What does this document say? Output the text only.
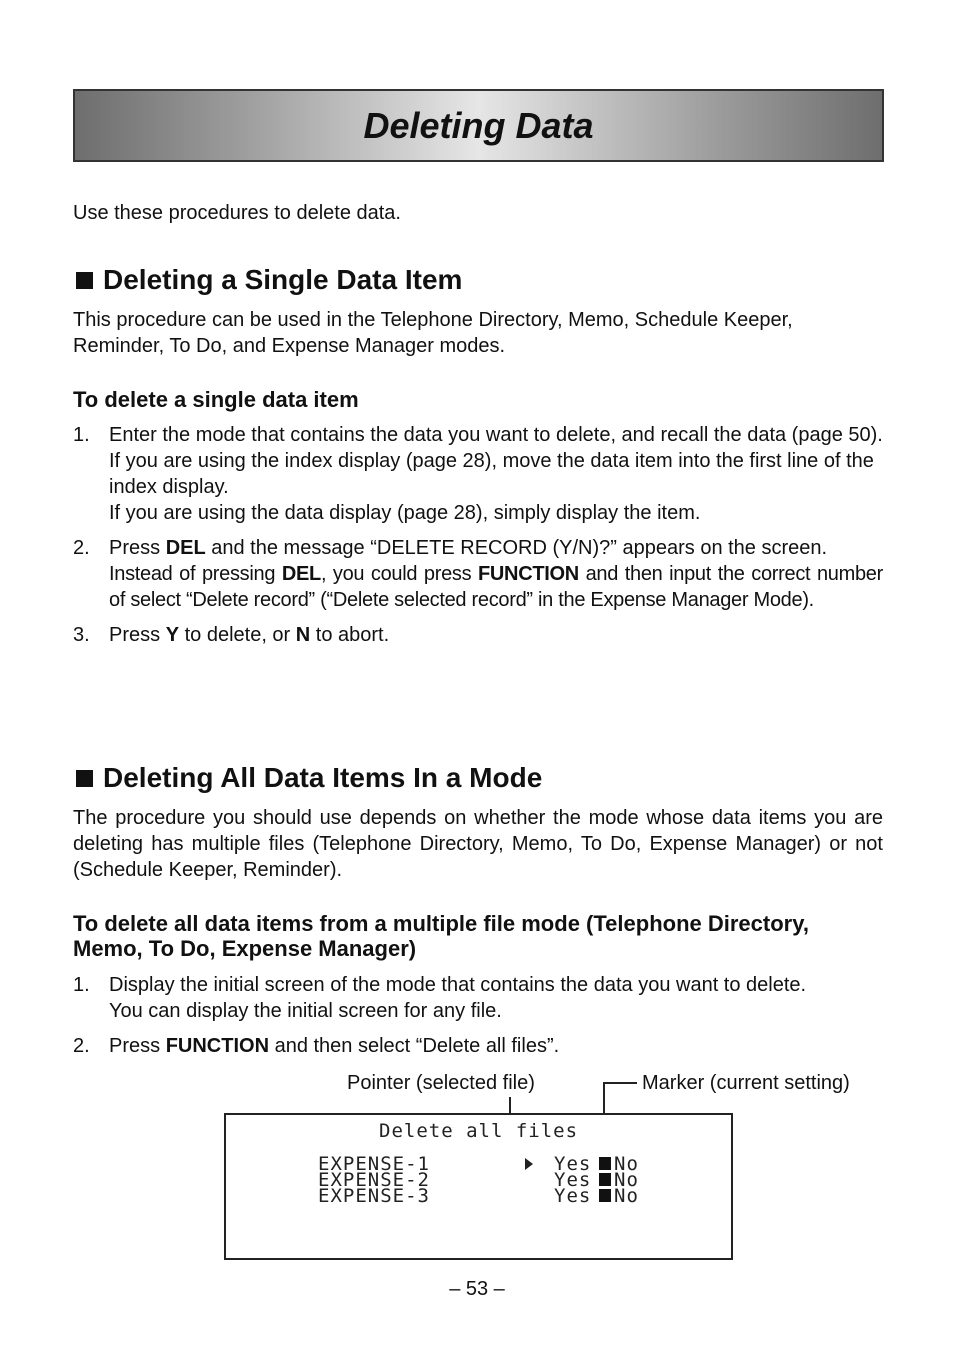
Deleting Data

Use these procedures to delete data.

Deleting a Single Data Item

This procedure can be used in the Telephone Directory, Memo, Schedule Keeper, Reminder, To Do, and Expense Manager modes.

To delete a single data item

1. Enter the mode that contains the data you want to delete, and recall the data (page 50).
If you are using the index display (page 28), move the data item into the first line of the index display.
If you are using the data display (page 28), simply display the item.
2. Press DEL and the message “DELETE RECORD (Y/N)?” appears on the screen.
Instead of pressing DEL, you could press FUNCTION and then input the correct number of select “Delete record” (“Delete selected record” in the Expense Manager Mode).
3. Press Y to delete, or N to abort.
Deleting All Data Items In a Mode

The procedure you should use depends on whether the mode whose data items you are deleting has multiple files (Telephone Directory, Memo, To Do, Expense Manager) or not (Schedule Keeper, Reminder).

To delete all data items from a multiple file mode (Telephone Directory, Memo, To Do, Expense Manager)

1. Display the initial screen of the mode that contains the data you want to delete.
You can display the initial screen for any file.
2. Press FUNCTION and then select “Delete all files”.
Pointer (selected file)	Marker (current setting)
Delete all files
EXPENSE-1	Yes No
EXPENSE-2	Yes No
EXPENSE-3	Yes No
– 53 –
